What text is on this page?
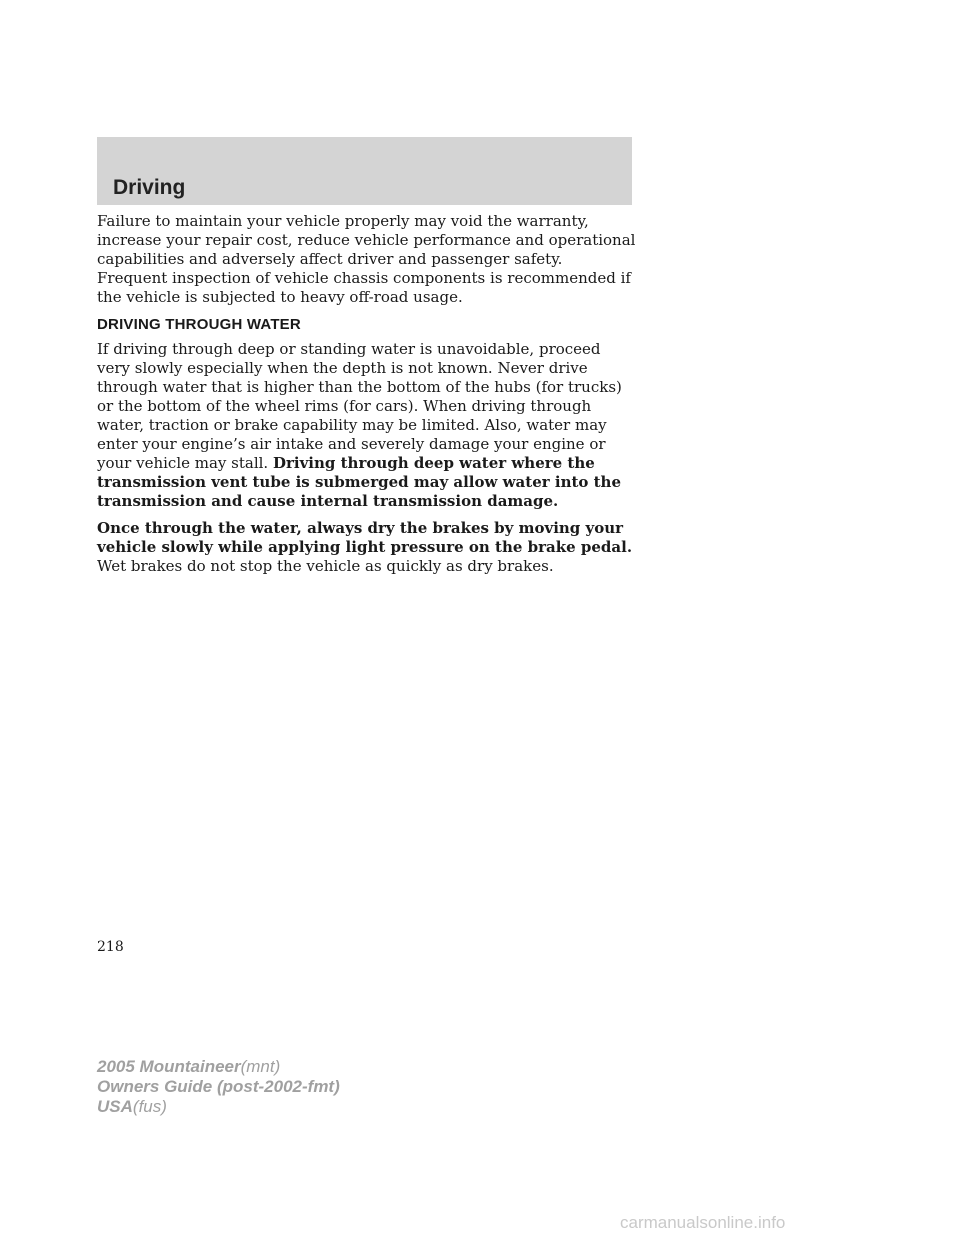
Driving

Failure to maintain your vehicle properly may void the warranty, increase your repair cost, reduce vehicle performance and operational capabilities and adversely affect driver and passenger safety. Frequent inspection of vehicle chassis components is recommended if the vehicle is subjected to heavy off-road usage.

DRIVING THROUGH WATER

If driving through deep or standing water is unavoidable, proceed very slowly especially when the depth is not known. Never drive through water that is higher than the bottom of the hubs (for trucks) or the bottom of the wheel rims (for cars). When driving through water, traction or brake capability may be limited. Also, water may enter your engine’s air intake and severely damage your engine or your vehicle may stall. Driving through deep water where the transmission vent tube is submerged may allow water into the transmission and cause internal transmission damage.

Once through the water, always dry the brakes by moving your vehicle slowly while applying light pressure on the brake pedal.
Wet brakes do not stop the vehicle as quickly as dry brakes.

218
2005 Mountaineer(mnt)
Owners Guide (post-2002-fmt)
USA(fus)
carmanualsonline.info
